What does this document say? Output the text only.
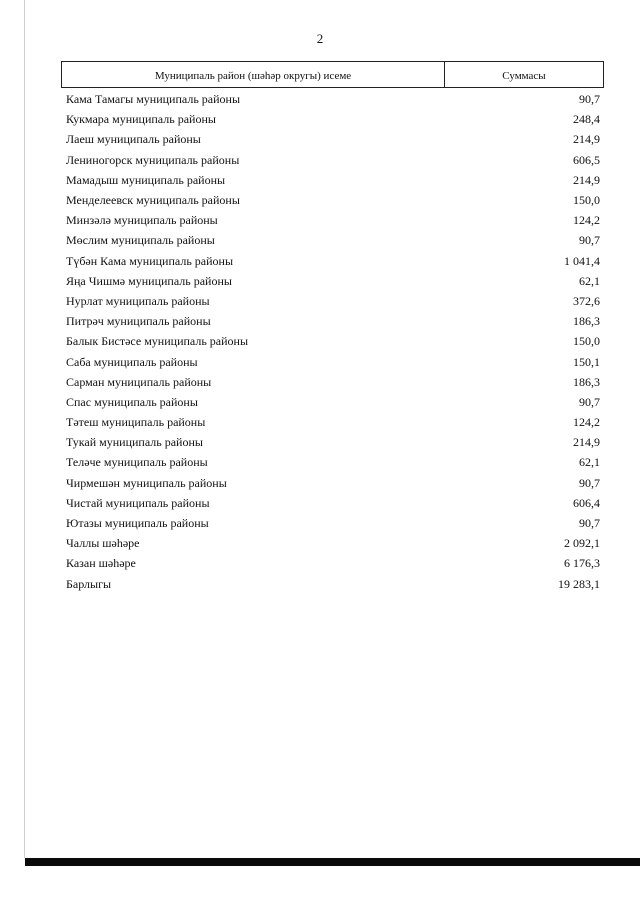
2
Муниципаль район (шәһәр округы) исеме	Суммасы
Кама Тамагы муниципаль районы	90,7
Кукмара муниципаль районы	248,4
Лаеш муниципаль районы	214,9
Лениногорск муниципаль районы	606,5
Мамадыш муниципаль районы	214,9
Менделеевск муниципаль районы	150,0
Минзәлә муниципаль районы	124,2
Мөслим муниципаль районы	90,7
Түбән Кама муниципаль районы	1 041,4
Яңа Чишмә муниципаль районы	62,1
Нурлат муниципаль районы	372,6
Питрәч муниципаль районы	186,3
Балык Бистәсе муниципаль районы	150,0
Саба муниципаль районы	150,1
Сарман муниципаль районы	186,3
Спас муниципаль районы	90,7
Тәтеш муниципаль районы	124,2
Тукай муниципаль районы	214,9
Теләче муниципаль районы	62,1
Чирмешән муниципаль районы	90,7
Чистай муниципаль районы	606,4
Ютазы муниципаль районы	90,7
Чаллы шәһәре	2 092,1
Казан шәһәре	6 176,3
Барлыгы	19 283,1
